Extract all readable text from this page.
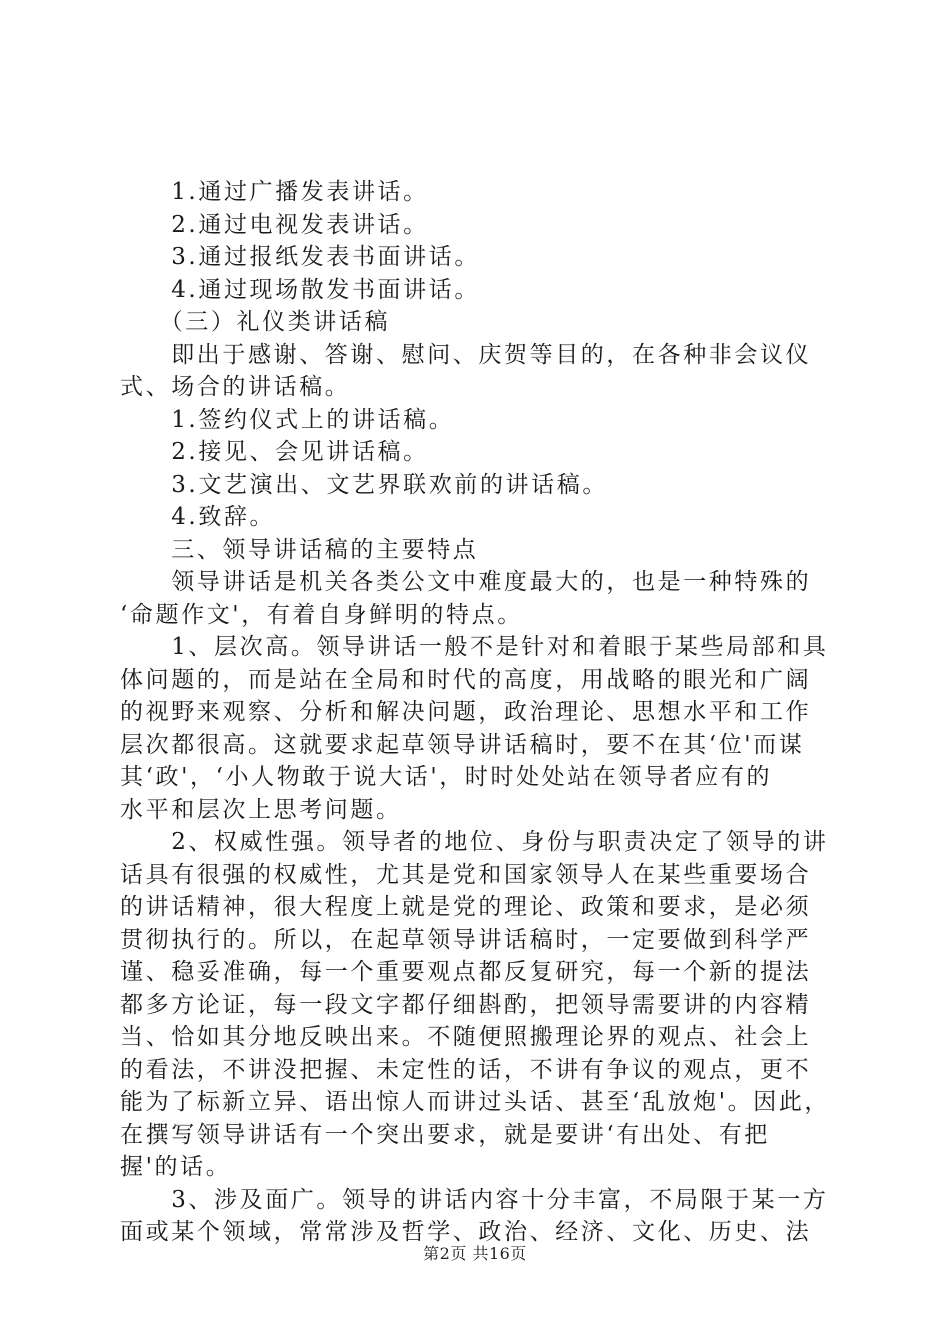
　　1.通过广播发表讲话。
　　2.通过电视发表讲话。
　　3.通过报纸发表书面讲话。
　　4.通过现场散发书面讲话。
　　（三）礼仪类讲话稿
　　即出于感谢、答谢、慰问、庆贺等目的，在各种非会议仪
式、场合的讲话稿。
　　1.签约仪式上的讲话稿。
　　2.接见、会见讲话稿。
　　3.文艺演出、文艺界联欢前的讲话稿。
　　4.致辞。
　　三、领导讲话稿的主要特点
　　领导讲话是机关各类公文中难度最大的，也是一种特殊的
‘命题作文'，有着自身鲜明的特点。
　　1、层次高。领导讲话一般不是针对和着眼于某些局部和具
体问题的，而是站在全局和时代的高度，用战略的眼光和广阔
的视野来观察、分析和解决问题，政治理论、思想水平和工作
层次都很高。这就要求起草领导讲话稿时，要不在其‘位'而谋
其‘政'，‘小人物敢于说大话'，时时处处站在领导者应有的
水平和层次上思考问题。
　　2、权威性强。领导者的地位、身份与职责决定了领导的讲
话具有很强的权威性，尤其是党和国家领导人在某些重要场合
的讲话精神，很大程度上就是党的理论、政策和要求，是必须
贯彻执行的。所以，在起草领导讲话稿时，一定要做到科学严
谨、稳妥准确，每一个重要观点都反复研究，每一个新的提法
都多方论证，每一段文字都仔细斟酌，把领导需要讲的内容精
当、恰如其分地反映出来。不随便照搬理论界的观点、社会上
的看法，不讲没把握、未定性的话，不讲有争议的观点，更不
能为了标新立异、语出惊人而讲过头话、甚至‘乱放炮'。因此，
在撰写领导讲话有一个突出要求，就是要讲‘有出处、有把
握'的话。
　　3、涉及面广。领导的讲话内容十分丰富，不局限于某一方
面或某个领域，常常涉及哲学、政治、经济、文化、历史、法
第2页 共16页
